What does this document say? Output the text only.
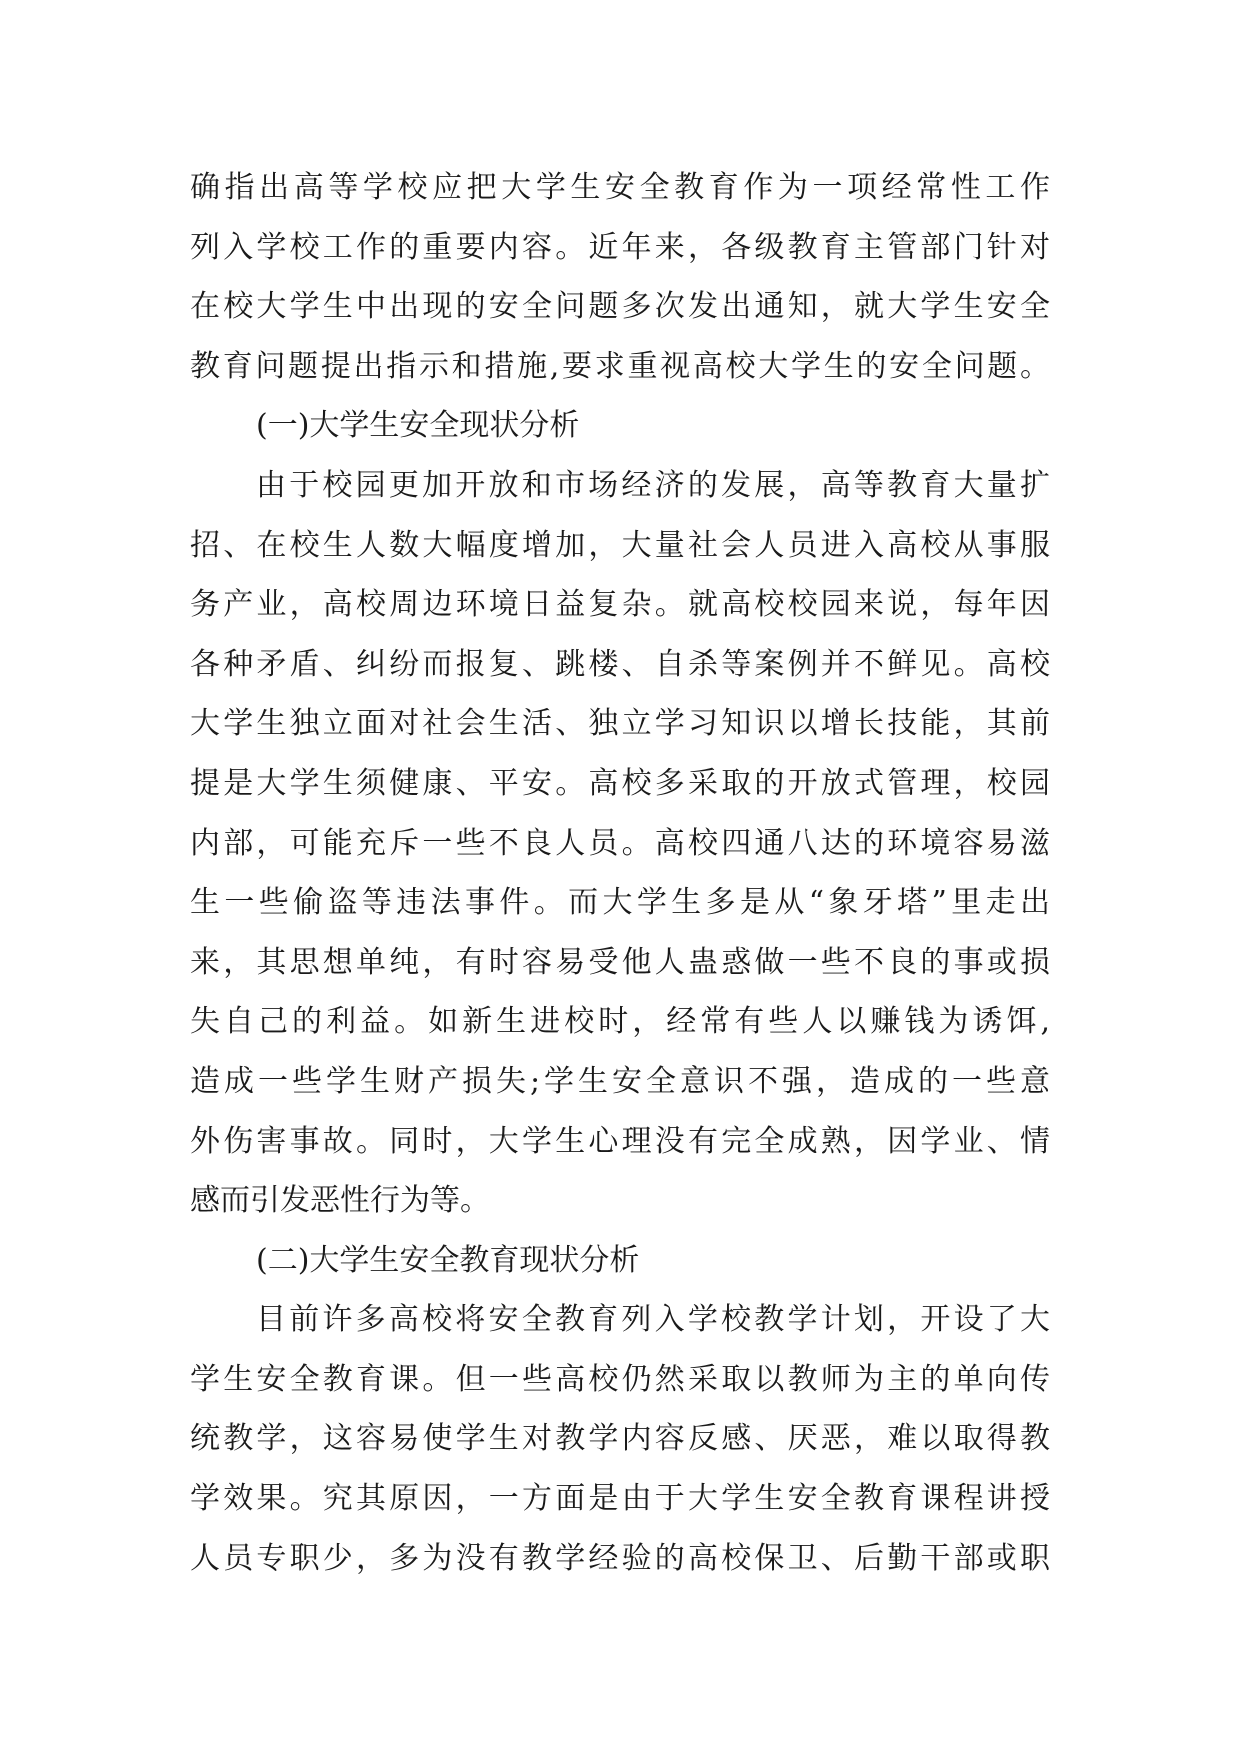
确指出高等学校应把大学生安全教育作为一项经常性工作
列入学校工作的重要内容。近年来，各级教育主管部门针对
在校大学生中出现的安全问题多次发出通知，就大学生安全
教育问题提出指示和措施,要求重视高校大学生的安全问题。
(一)大学生安全现状分析
由于校园更加开放和市场经济的发展，高等教育大量扩
招、在校生人数大幅度增加，大量社会人员进入高校从事服
务产业，高校周边环境日益复杂。就高校校园来说，每年因
各种矛盾、纠纷而报复、跳楼、自杀等案例并不鲜见。高校
大学生独立面对社会生活、独立学习知识以增长技能，其前
提是大学生须健康、平安。高校多采取的开放式管理，校园
内部，可能充斥一些不良人员。高校四通八达的环境容易滋
生一些偷盗等违法事件。而大学生多是从“象牙塔”里走出
来，其思想单纯，有时容易受他人蛊惑做一些不良的事或损
失自己的利益。如新生进校时，经常有些人以赚钱为诱饵,
造成一些学生财产损失;学生安全意识不强，造成的一些意
外伤害事故。同时，大学生心理没有完全成熟，因学业、情
感而引发恶性行为等。
(二)大学生安全教育现状分析
目前许多高校将安全教育列入学校教学计划，开设了大
学生安全教育课。但一些高校仍然采取以教师为主的单向传
统教学，这容易使学生对教学内容反感、厌恶，难以取得教
学效果。究其原因，一方面是由于大学生安全教育课程讲授
人员专职少，多为没有教学经验的高校保卫、后勤干部或职
